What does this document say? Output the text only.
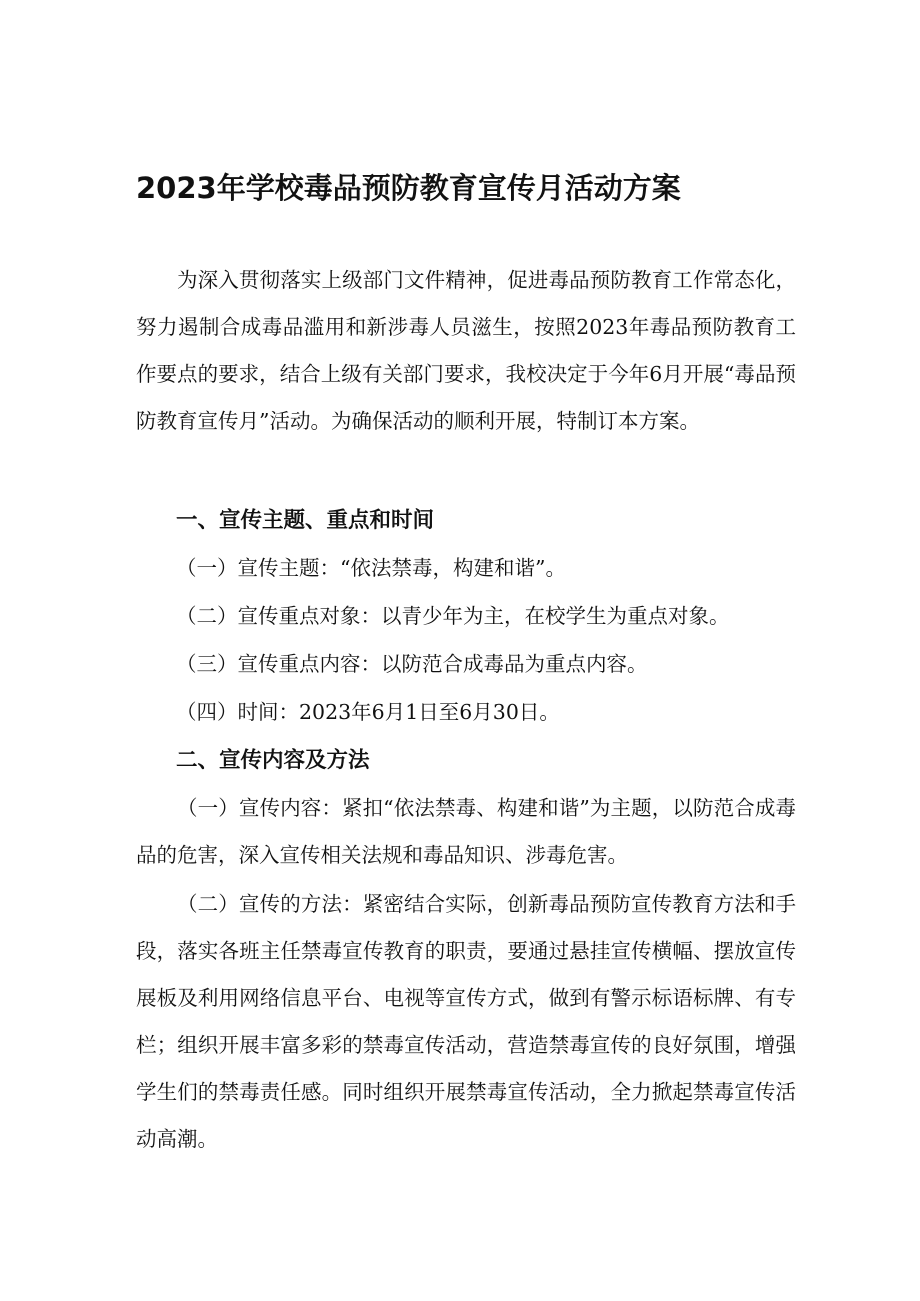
2023年学校毒品预防教育宣传月活动方案
为深入贯彻落实上级部门文件精神，促进毒品预防教育工作常态化，努力遏制合成毒品滥用和新涉毒人员滋生，按照2023年毒品预防教育工作要点的要求，结合上级有关部门要求，我校决定于今年6月开展“毒品预防教育宣传月”活动。为确保活动的顺利开展，特制订本方案。
一、宣传主题、重点和时间
（一）宣传主题：“依法禁毒，构建和谐”。
（二）宣传重点对象：以青少年为主，在校学生为重点对象。
（三）宣传重点内容：以防范合成毒品为重点内容。
（四）时间：2023年6月1日至6月30日。
二、宣传内容及方法
（一）宣传内容：紧扣“依法禁毒、构建和谐”为主题，以防范合成毒品的危害，深入宣传相关法规和毒品知识、涉毒危害。
（二）宣传的方法：紧密结合实际，创新毒品预防宣传教育方法和手段，落实各班主任禁毒宣传教育的职责，要通过悬挂宣传横幅、摆放宣传展板及利用网络信息平台、电视等宣传方式，做到有警示标语标牌、有专栏；组织开展丰富多彩的禁毒宣传活动，营造禁毒宣传的良好氛围，增强学生们的禁毒责任感。同时组织开展禁毒宣传活动，全力掀起禁毒宣传活动高潮。
